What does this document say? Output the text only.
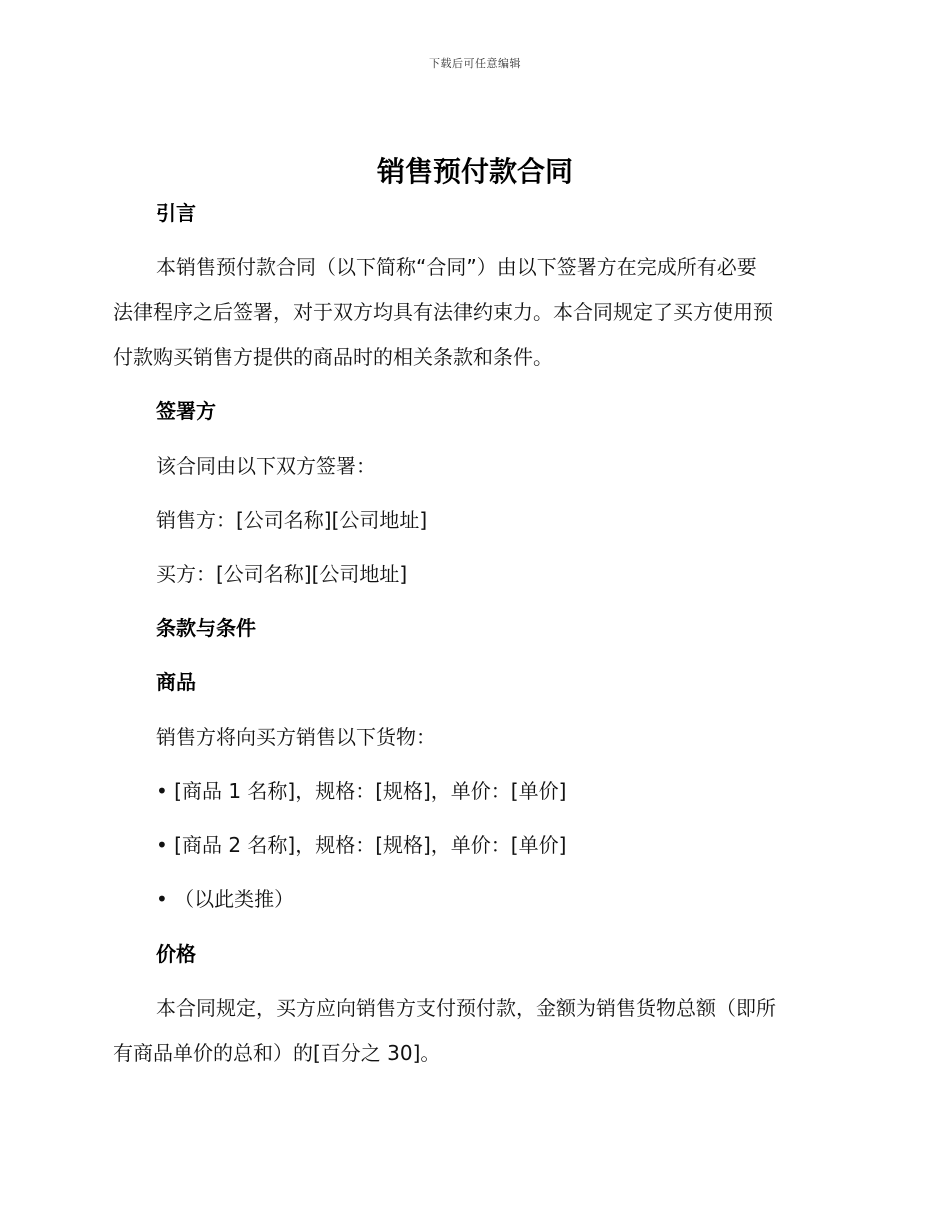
下载后可任意编辑
销售预付款合同
引言
本销售预付款合同（以下简称“合同”）由以下签署方在完成所有必要
法律程序之后签署，对于双方均具有法律约束力。本合同规定了买方使用预
付款购买销售方提供的商品时的相关条款和条件。
签署方
该合同由以下双方签署：
销售方：[公司名称][公司地址]
买方：[公司名称][公司地址]
条款与条件
商品
销售方将向买方销售以下货物：
• [商品 1 名称]，规格：[规格]，单价：[单价]
• [商品 2 名称]，规格：[规格]，单价：[单价]
• （以此类推）
价格
本合同规定，买方应向销售方支付预付款，金额为销售货物总额（即所
有商品单价的总和）的[百分之 30]。
